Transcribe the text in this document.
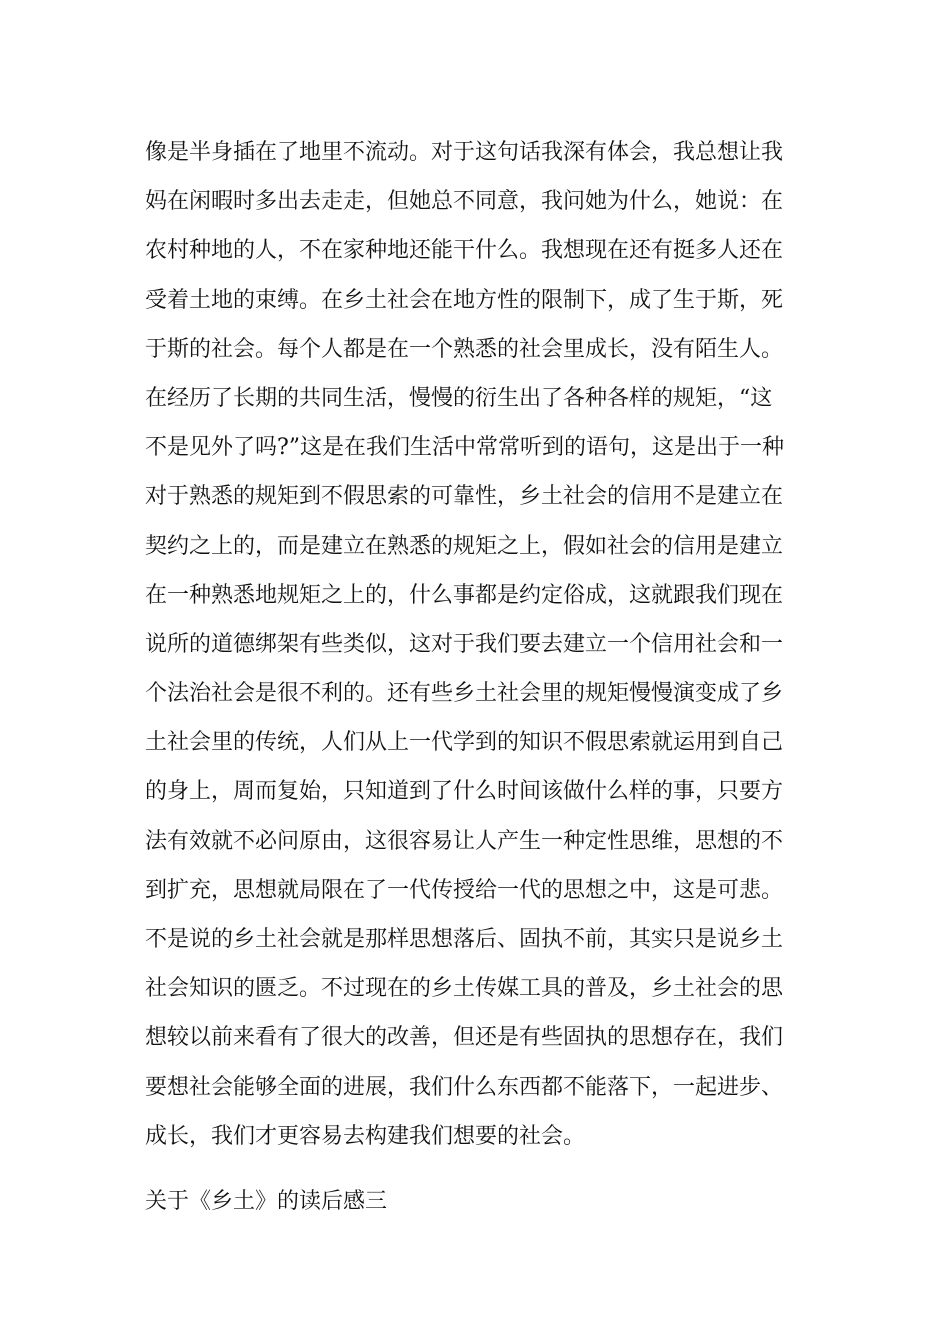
像是半身插在了地里不流动。对于这句话我深有体会，我总想让我
妈在闲暇时多出去走走，但她总不同意，我问她为什么，她说：在
农村种地的人，不在家种地还能干什么。我想现在还有挺多人还在
受着土地的束缚。在乡土社会在地方性的限制下，成了生于斯，死
于斯的社会。每个人都是在一个熟悉的社会里成长，没有陌生人。
在经历了长期的共同生活，慢慢的衍生出了各种各样的规矩，“这
不是见外了吗?”这是在我们生活中常常听到的语句，这是出于一种
对于熟悉的规矩到不假思索的可靠性，乡土社会的信用不是建立在
契约之上的，而是建立在熟悉的规矩之上，假如社会的信用是建立
在一种熟悉地规矩之上的，什么事都是约定俗成，这就跟我们现在
说所的道德绑架有些类似，这对于我们要去建立一个信用社会和一
个法治社会是很不利的。还有些乡土社会里的规矩慢慢演变成了乡
土社会里的传统，人们从上一代学到的知识不假思索就运用到自己
的身上，周而复始，只知道到了什么时间该做什么样的事，只要方
法有效就不必问原由，这很容易让人产生一种定性思维，思想的不
到扩充，思想就局限在了一代传授给一代的思想之中，这是可悲。
不是说的乡土社会就是那样思想落后、固执不前，其实只是说乡土
社会知识的匮乏。不过现在的乡土传媒工具的普及，乡土社会的思
想较以前来看有了很大的改善，但还是有些固执的思想存在，我们
要想社会能够全面的进展，我们什么东西都不能落下，一起进步、
成长，我们才更容易去构建我们想要的社会。
关于《乡土》的读后感三
